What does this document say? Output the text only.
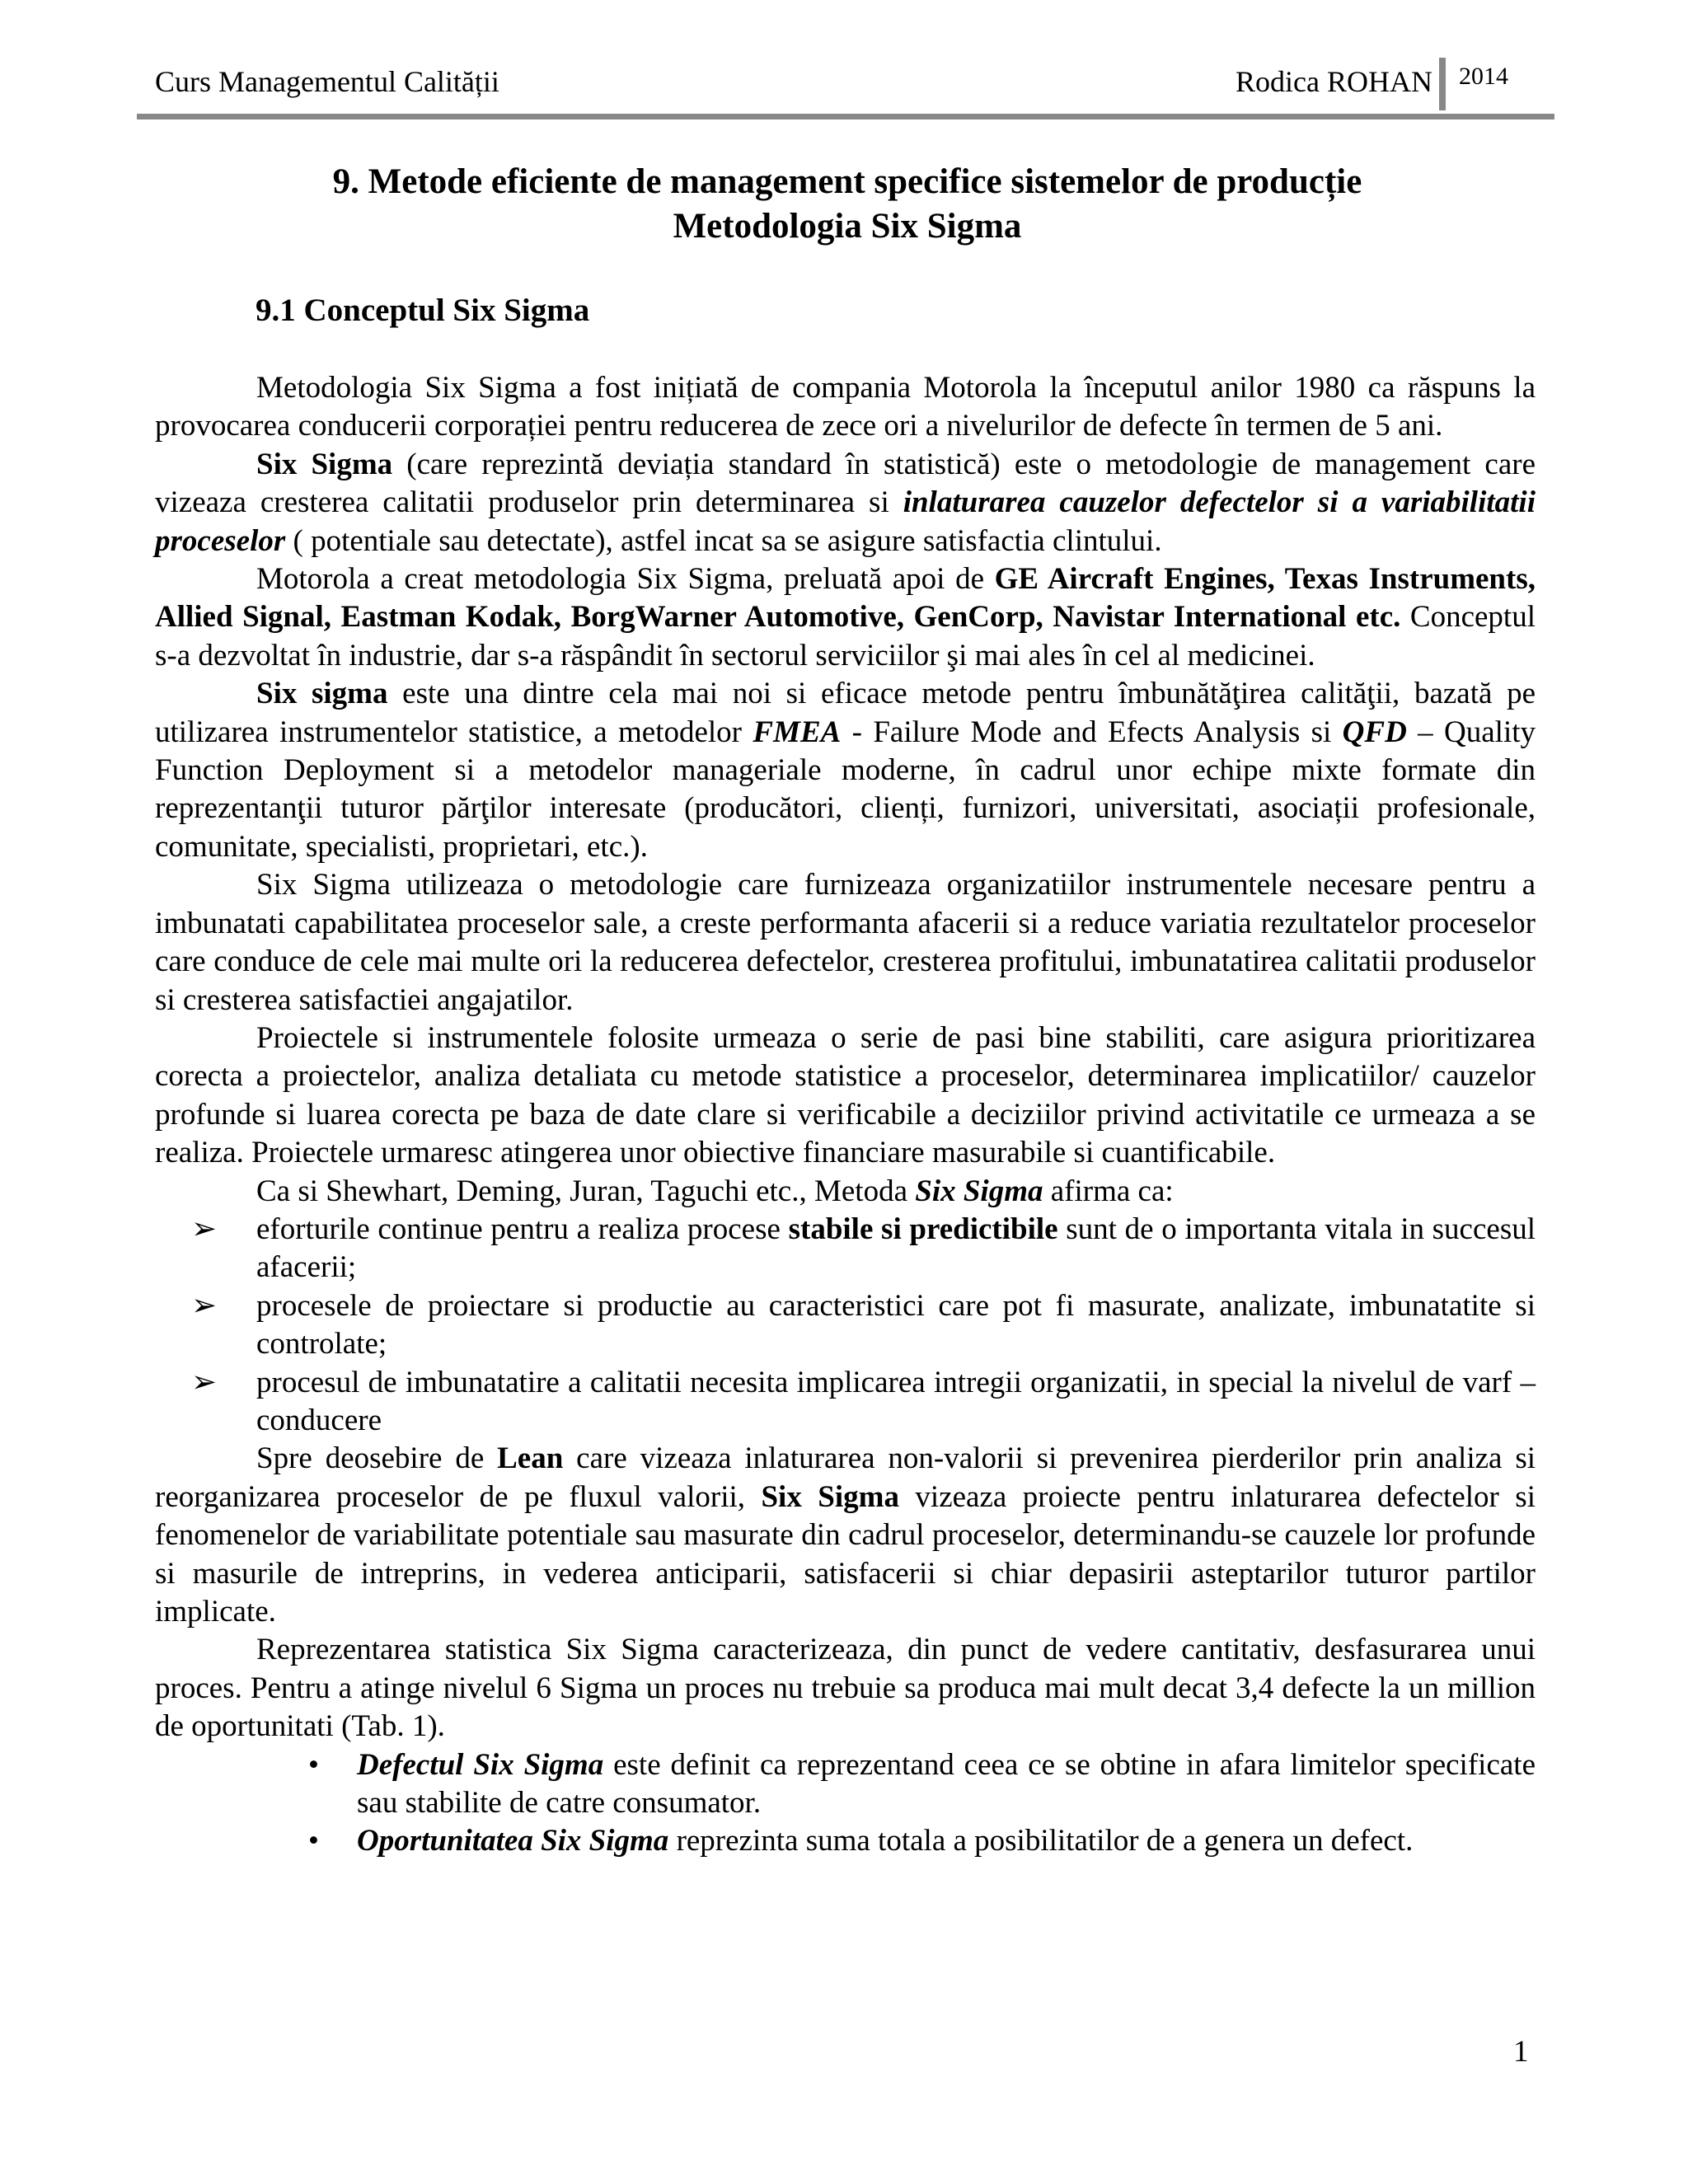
Curs Managementul Calității	Rodica ROHAN 2014
9. Metode eficiente de management specifice sistemelor de producție
Metodologia Six Sigma
9.1 Conceptul Six Sigma

Metodologia Six Sigma a fost inițiată de compania Motorola la începutul anilor 1980 ca răspuns la provocarea conducerii corporației pentru reducerea de zece ori a nivelurilor de defecte în termen de 5 ani.

Six Sigma (care reprezintă deviația standard în statistică) este o metodologie de management care vizeaza cresterea calitatii produselor prin determinarea si inlaturarea cauzelor defectelor si a variabilitatii proceselor ( potentiale sau detectate), astfel incat sa se asigure satisfactia clintului.

Motorola a creat metodologia Six Sigma, preluată apoi de GE Aircraft Engines, Texas Instruments, Allied Signal, Eastman Kodak, BorgWarner Automotive, GenCorp, Navistar International etc. Conceptul s-a dezvoltat în industrie, dar s-a răspândit în sectorul serviciilor şi mai ales în cel al medicinei.

Six sigma este una dintre cela mai noi si eficace metode pentru îmbunătăţirea calităţii, bazată pe utilizarea instrumentelor statistice, a metodelor FMEA - Failure Mode and Efects Analysis si QFD – Quality Function Deployment si a metodelor manageriale moderne, în cadrul unor echipe mixte formate din reprezentanţii tuturor părţilor interesate (producători, clienți, furnizori, universitati, asociații profesionale, comunitate, specialisti, proprietari, etc.).

Six Sigma utilizeaza o metodologie care furnizeaza organizatiilor instrumentele necesare pentru a imbunatati capabilitatea proceselor sale, a creste performanta afacerii si a reduce variatia rezultatelor proceselor care conduce de cele mai multe ori la reducerea defectelor, cresterea profitului, imbunatatirea calitatii produselor si cresterea satisfactiei angajatilor.

Proiectele si instrumentele folosite urmeaza o serie de pasi bine stabiliti, care asigura prioritizarea corecta a proiectelor, analiza detaliata cu metode statistice a proceselor, determinarea implicatiilor/ cauzelor profunde si luarea corecta pe baza de date clare si verificabile a deciziilor privind activitatile ce urmeaza a se realiza. Proiectele urmaresc atingerea unor obiective financiare masurabile si cuantificabile.

Ca si Shewhart, Deming, Juran, Taguchi etc., Metoda Six Sigma afirma ca:

➢ eforturile continue pentru a realiza procese stabile si predictibile sunt de o importanta vitala in succesul afacerii;
➢ procesele de proiectare si productie au caracteristici care pot fi masurate, analizate, imbunatatite si controlate;
➢ procesul de imbunatatire a calitatii necesita implicarea intregii organizatii, in special la nivelul de varf – conducere

Spre deosebire de Lean care vizeaza inlaturarea non-valorii si prevenirea pierderilor prin analiza si reorganizarea proceselor de pe fluxul valorii, Six Sigma vizeaza proiecte pentru inlaturarea defectelor si fenomenelor de variabilitate potentiale sau masurate din cadrul proceselor, determinandu-se cauzele lor profunde si masurile de intreprins, in vederea anticiparii, satisfacerii si chiar depasirii asteptarilor tuturor partilor implicate.

Reprezentarea statistica Six Sigma caracterizeaza, din punct de vedere cantitativ, desfasurarea unui proces. Pentru a atinge nivelul 6 Sigma un proces nu trebuie sa produca mai mult decat 3,4 defecte la un million de oportunitati (Tab. 1).

• Defectul Six Sigma este definit ca reprezentand ceea ce se obtine in afara limitelor specificate sau stabilite de catre consumator.
• Oportunitatea Six Sigma reprezinta suma totala a posibilitatilor de a genera un defect.
1
